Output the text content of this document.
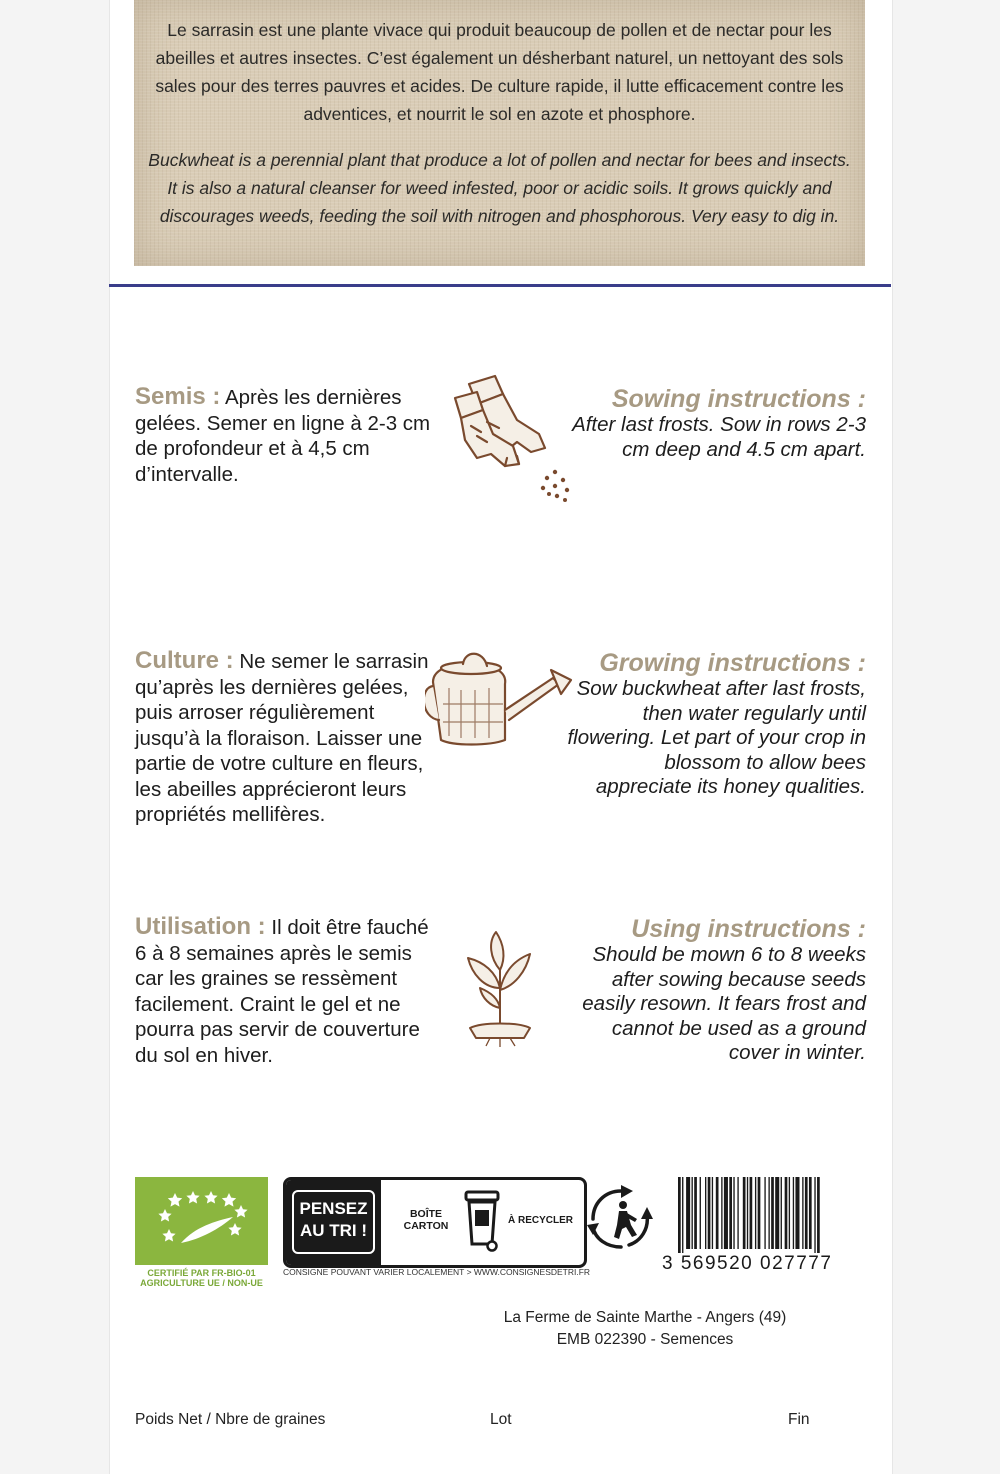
Le sarrasin est une plante vivace qui produit beaucoup de pollen et de nectar pour les abeilles et autres insectes. C’est également un désherbant naturel, un nettoyant des sols sales pour des terres pauvres et acides. De culture rapide, il lutte efficacement contre les adventices, et nourrit le sol en azote et phosphore.
Buckwheat is a perennial plant that produce a lot of pollen and nectar for bees and insects. It is also a natural cleanser for weed infested, poor or acidic soils. It grows quickly and discourages weeds, feeding the soil with nitrogen and phosphorous. Very easy to dig in.
Semis : Après les dernières gelées. Semer en ligne à 2-3 cm de profondeur et à 4,5 cm d’intervalle.
Sowing instructions :
After last frosts. Sow in rows 2-3 cm deep and 4.5 cm apart.
Culture : Ne semer le sarrasin qu’après les dernières gelées, puis arroser régulièrement jusqu’à la floraison. Laisser une partie de votre culture en fleurs, les abeilles apprécieront leurs propriétés mellifères.
Growing instructions :
Sow buckwheat after last frosts, then water regularly until flowering. Let part of your crop in blossom to allow bees appreciate its honey qualities.
Utilisation : Il doit être fauché 6 à 8 semaines après le semis car les graines se ressèment facilement. Craint le gel et ne pourra pas servir de couverture du sol en hiver.
Using instructions :
Should be mown 6 to 8 weeks after sowing because seeds easily resown. It fears frost and cannot be used as a ground cover in winter.
CERTIFIÉ PAR FR-BIO-01
AGRICULTURE UE / NON-UE
PENSEZ
AU TRI !
BOÎTE
CARTON	À RECYCLER
CONSIGNE POUVANT VARIER LOCALEMENT > WWW.CONSIGNESDETRI.FR	3 569520 027777
La Ferme de Sainte Marthe - Angers (49)
EMB 022390 - Semences
Poids Net / Nbre de graines	Lot	Fin
